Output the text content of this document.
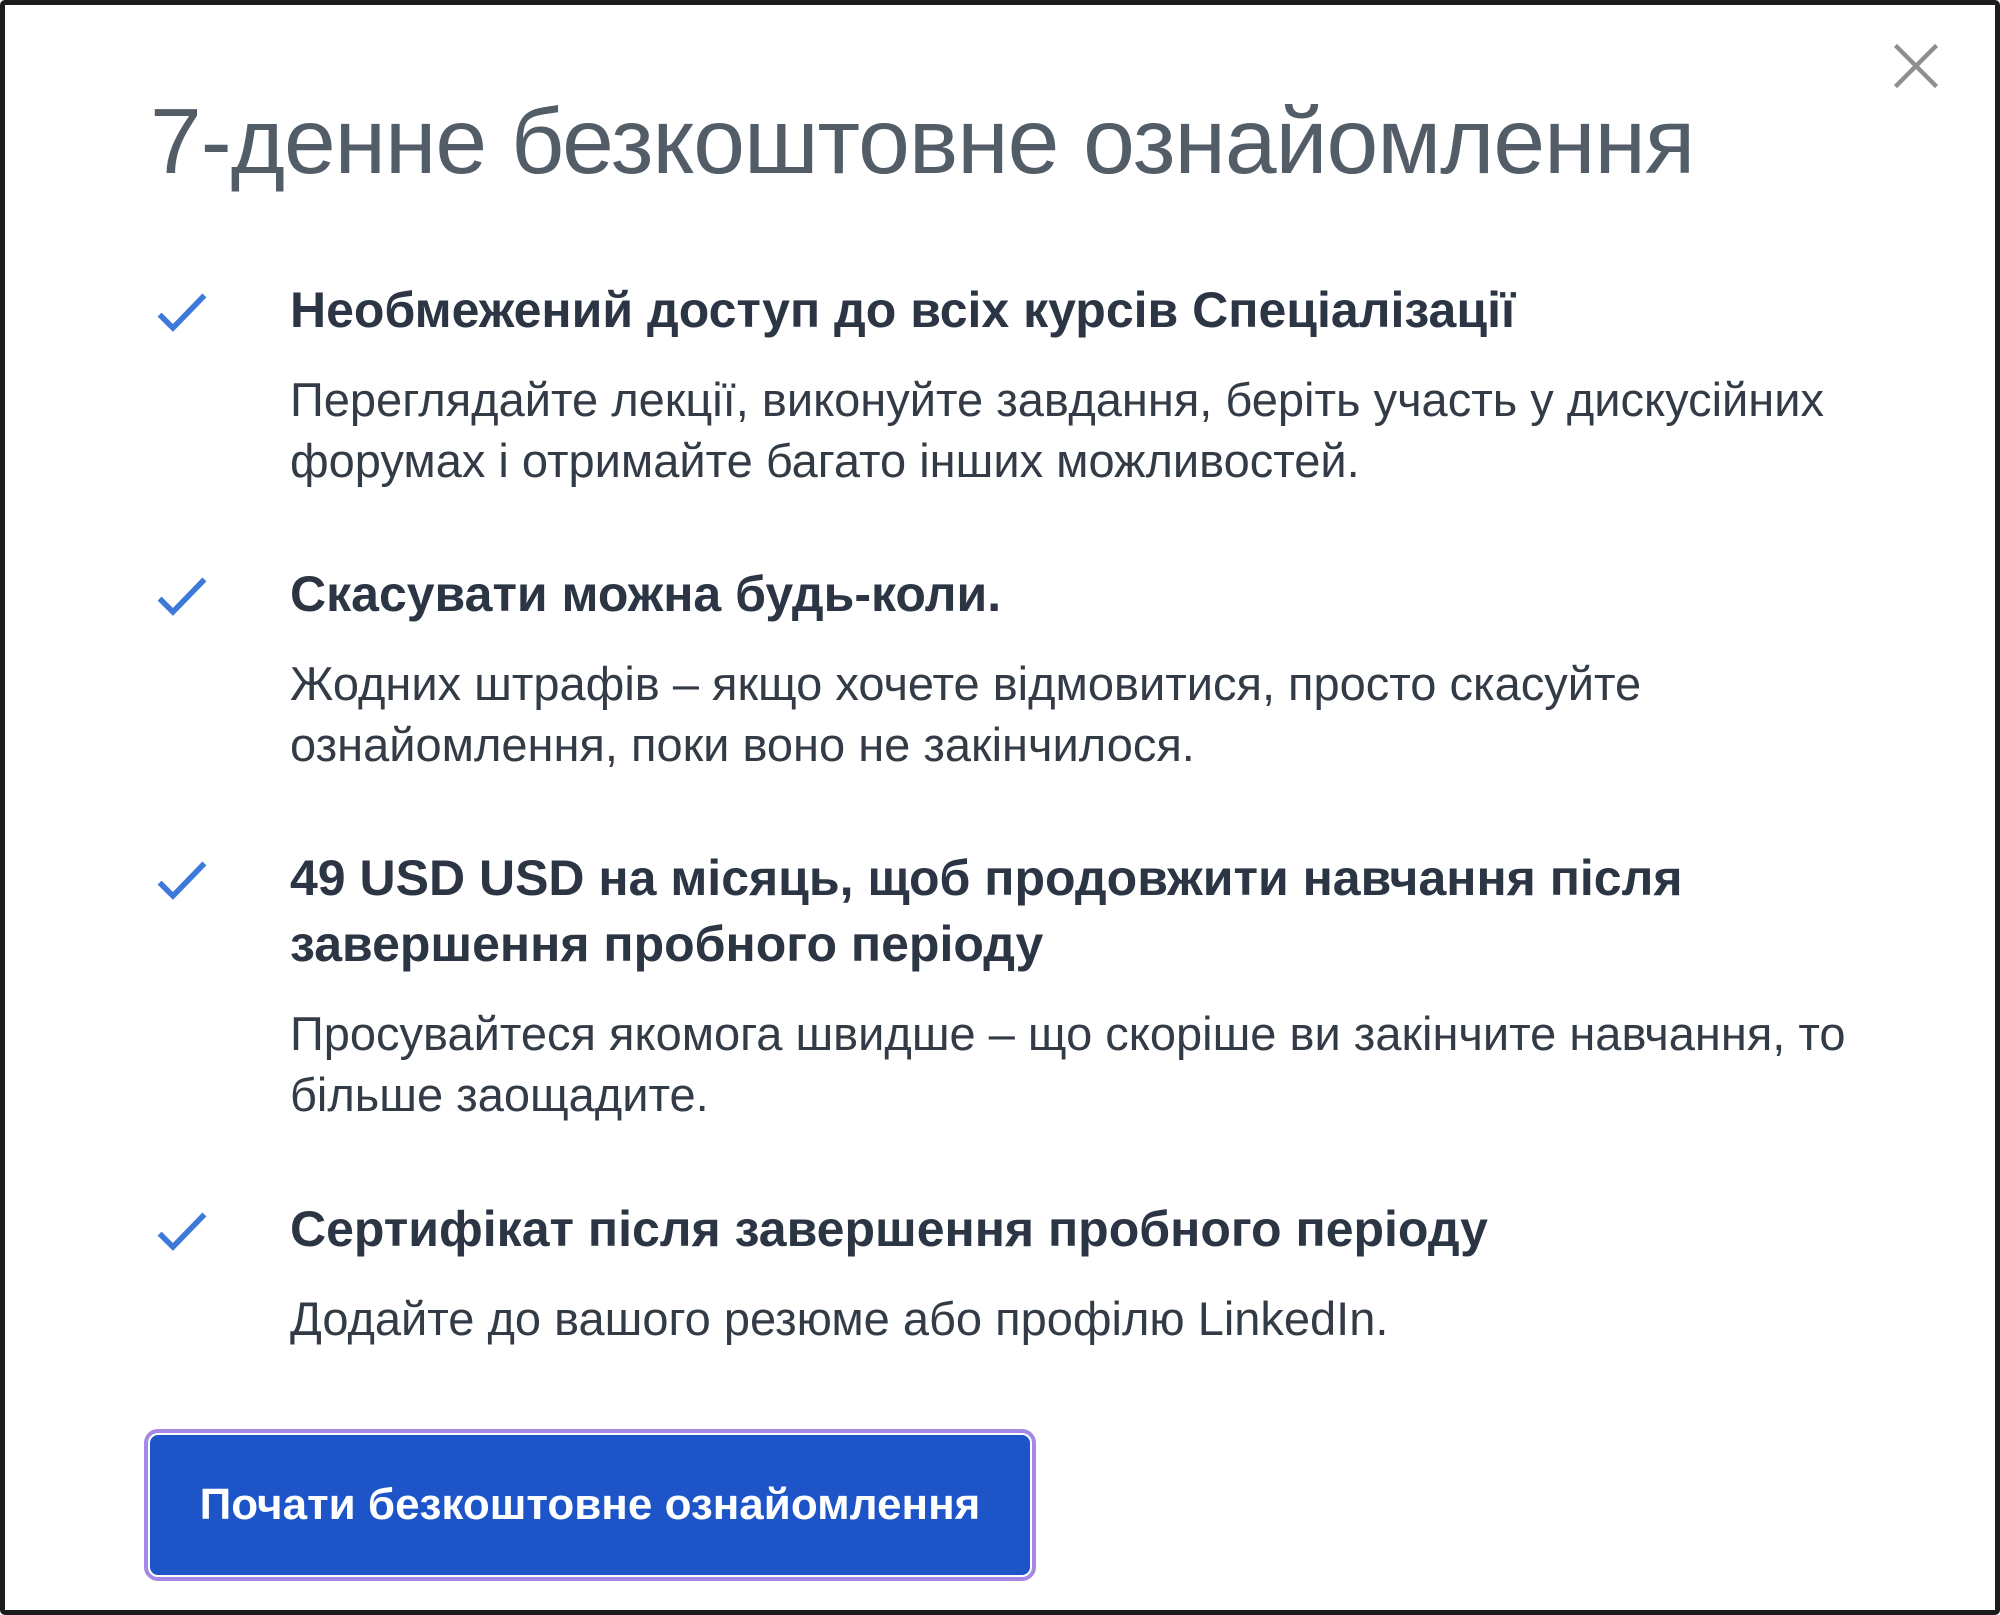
7-денне безкоштовне ознайомлення

Необмежений доступ до всіх курсів Спеціалізації

Переглядайте лекції, виконуйте завдання, беріть участь у дискусійних форумах і отримайте багато інших можливостей.

Скасувати можна будь-коли.

Жодних штрафів – якщо хочете відмовитися, просто скасуйте ознайомлення, поки воно не закінчилося.

49 USD USD на місяць, щоб продовжити навчання після завершення пробного періоду

Просувайтеся якомога швидше – що скоріше ви закінчите навчання, то більше заощадите.

Сертифікат після завершення пробного періоду

Додайте до вашого резюме або профілю LinkedIn.

Почати безкоштовне ознайомлення
